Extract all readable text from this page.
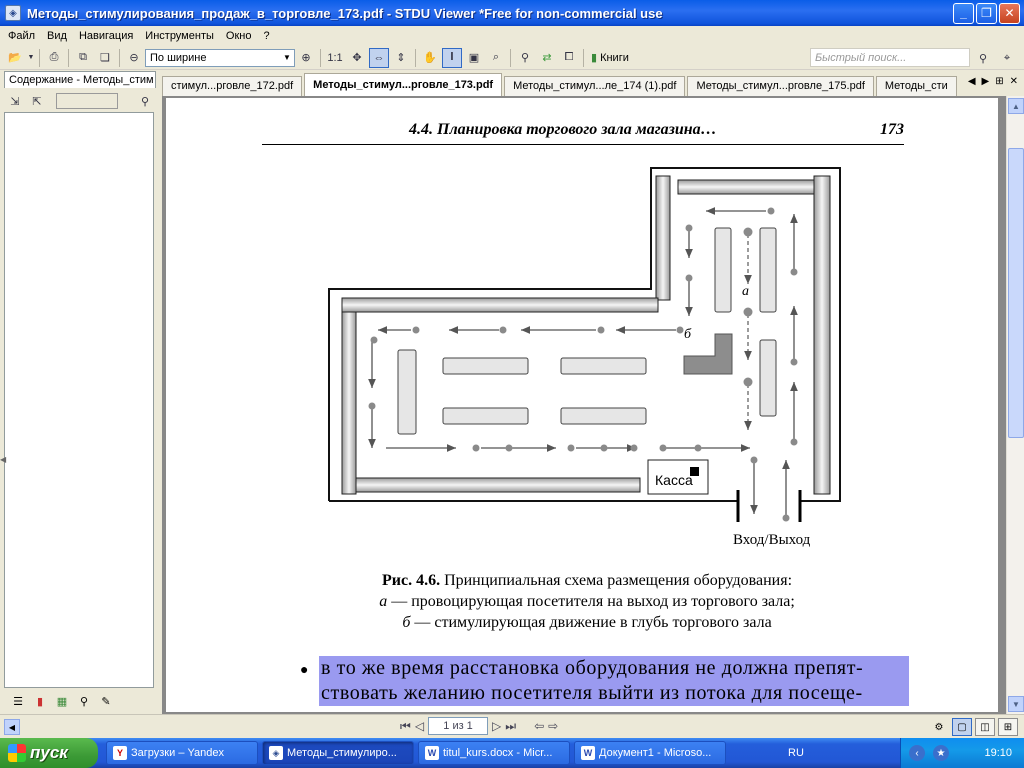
◈ Методы_стимулирования_продаж_в_торговле_173.pdf - STDU Viewer *Free for non-commercial use	_	❐	✕
Файл	Вид	Навигация	Инструменты	Окно	?
📂 ▼	⎙	⧉	❏	⊖	По ширине	▼ ⊕	1:1 ✥	⇔	⇕	✋	𝐈	▣	⌕	⚲	⇄	⧠	▮ Книги	Быстрый поиск...	⚲	⌖
Содержание - Методы_стим
⇲	⇱	⚲
☰	▮	▦	⚲	✎
◀
стимул...рговле_172.pdf	Методы_стимул...рговле_173.pdf	Методы_стимул...ле_174 (1).pdf	Методы_стимул...рговле_175.pdf	Методы_сти	◀ ▶ ⊞ ✕
4.4. Планировка торгового зала магазина…	173
а
б
Касса
Вход/Выход
Рис. 4.6. Принципиальная схема размещения оборудования:
а — провоцирующая посетителя на выход из торгового зала;
б — стимулирующая движение в глубь торгового зала
● в то же время расстановка оборудования не должна препят-
ствовать желанию посетителя выйти из потока для посеще-
▲
▼
◀	⏮ ◁	1 из 1	▷ ⏭ ⇦ ⇨	⚙	▢	◫	⊞
пуск	Y Загрузки – Yandex	◈ Методы_стимулиро...	W titul_kurs.docx - Micr...	W Документ1 - Microso...	RU	‹	★	19:10
